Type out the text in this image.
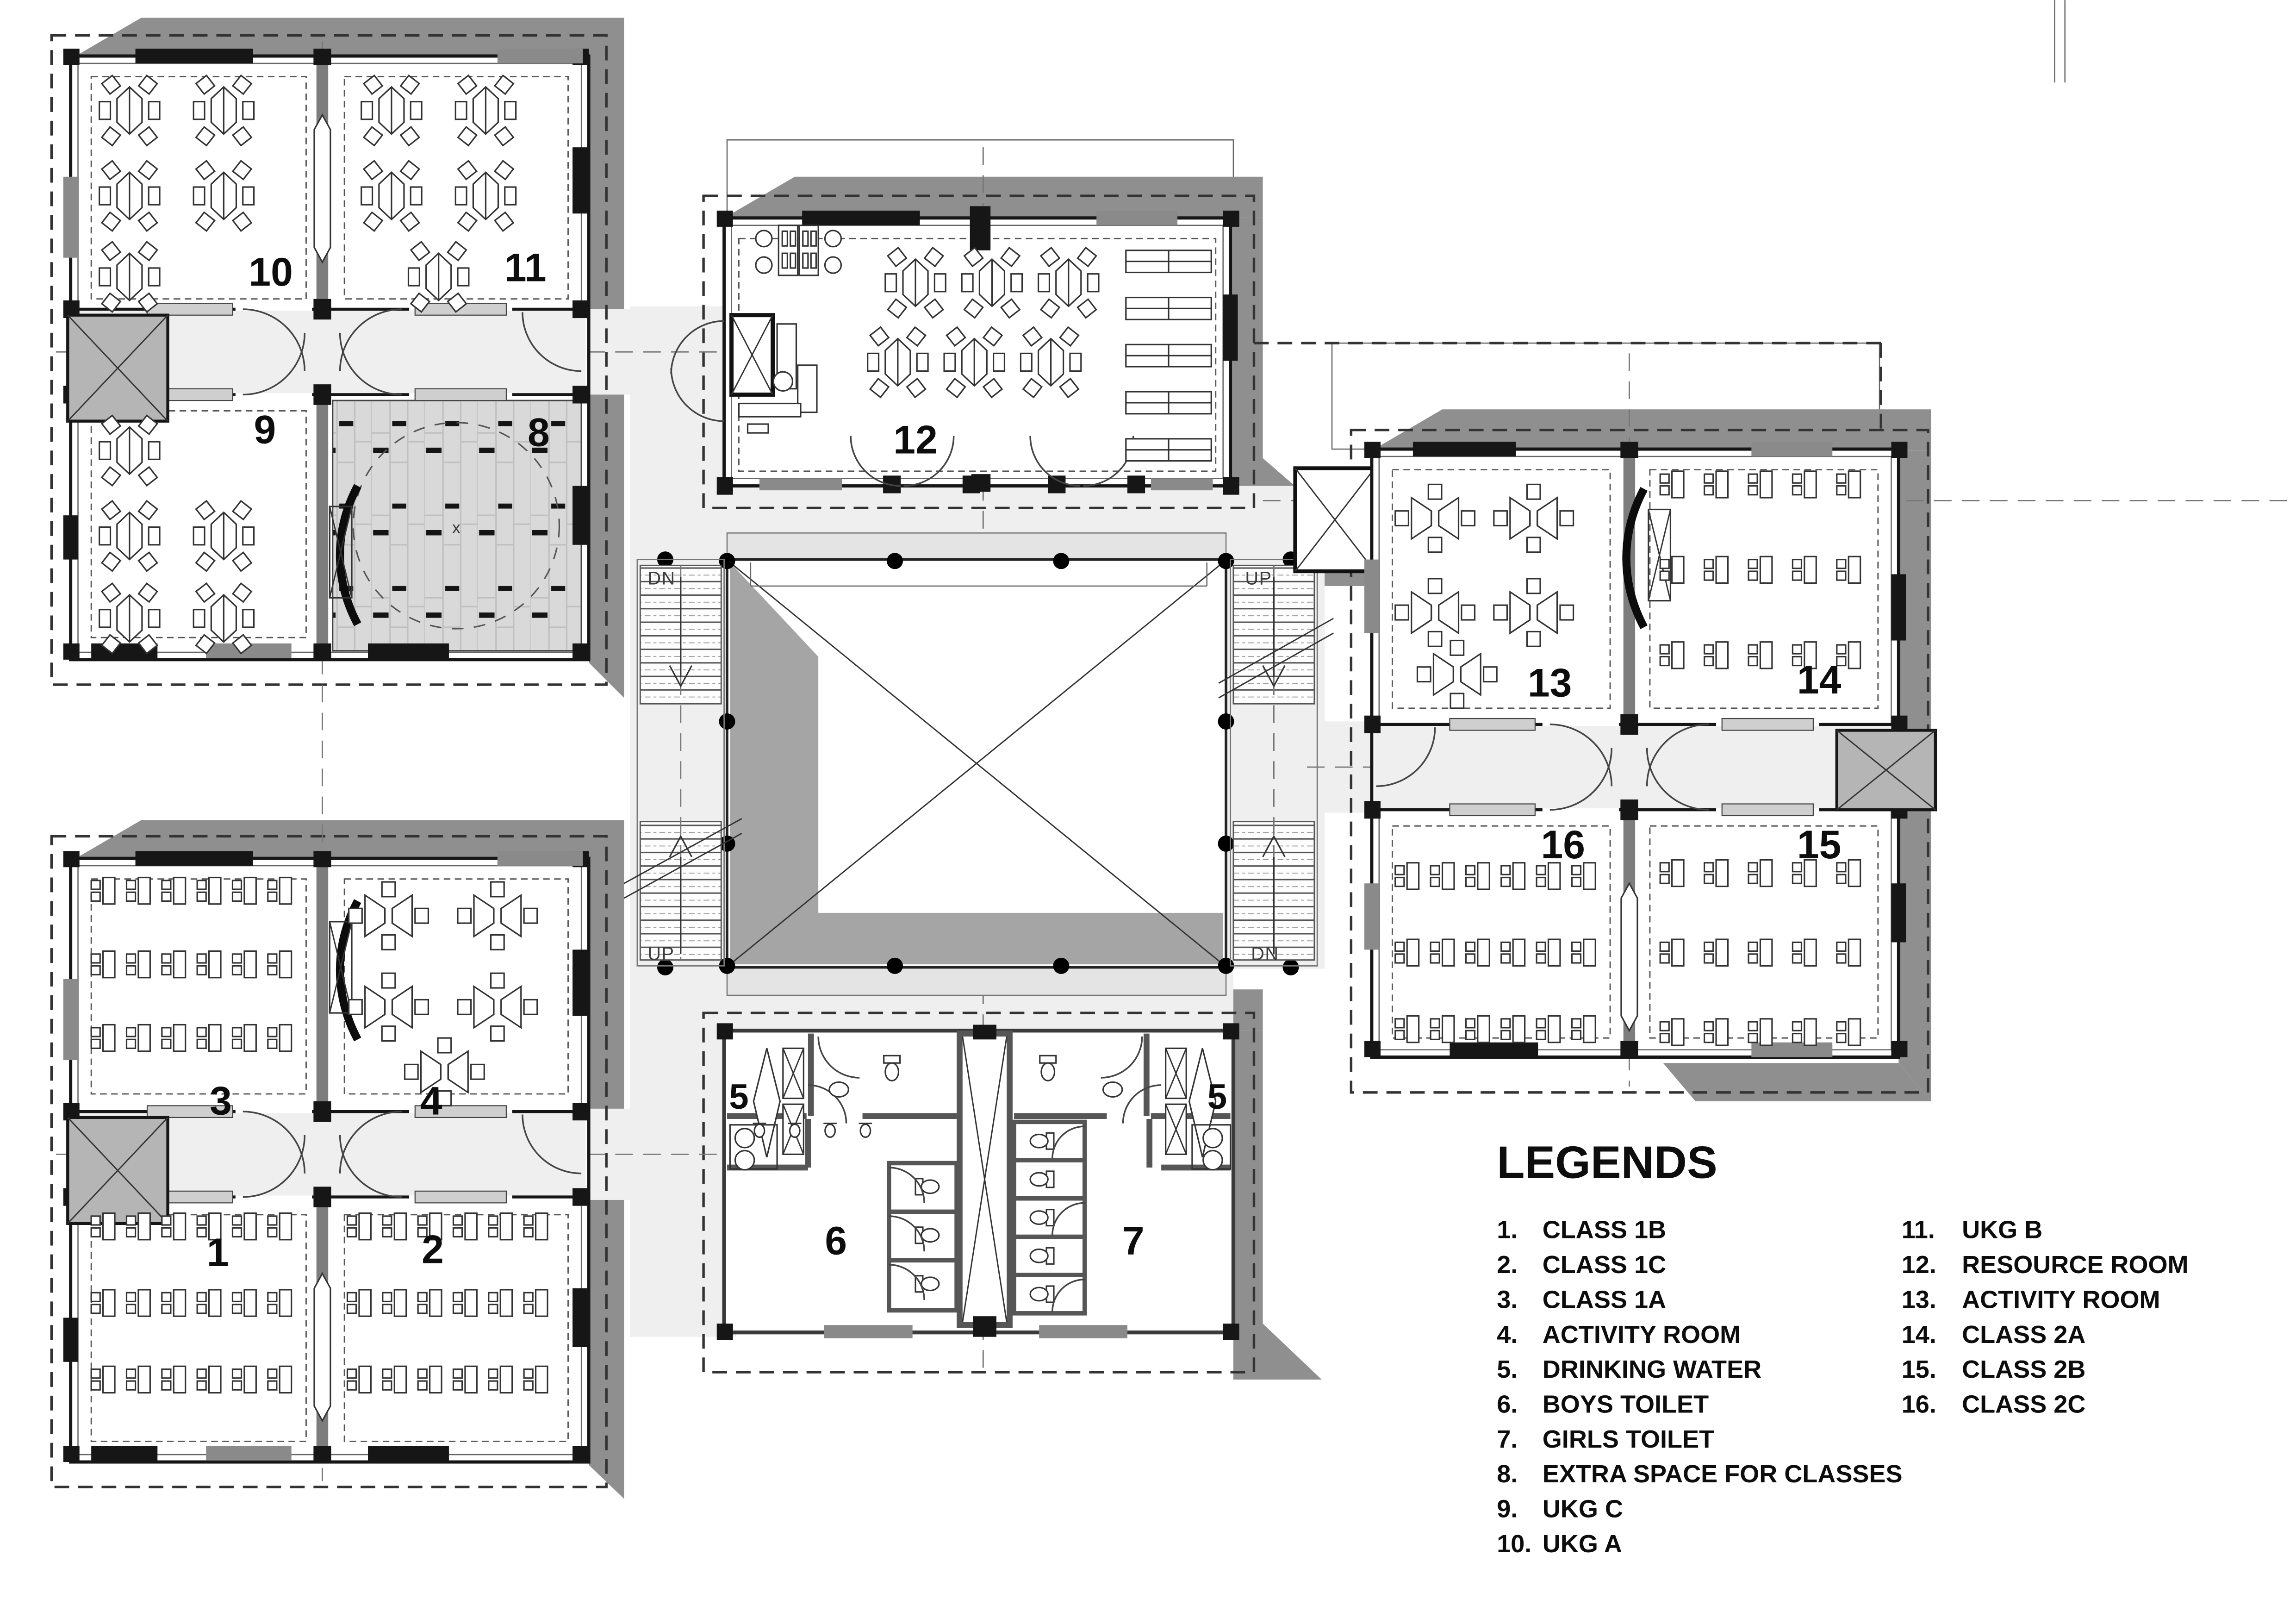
DN
UP
UP
DN
x
10	11
9	8
3	4
1	2
12
5	5
6	7
13	14
16	15
LEGENDS
1.	CLASS 1B
2.	CLASS 1C
3.	CLASS 1A
4.	ACTIVITY ROOM
5.	DRINKING WATER
6.	BOYS TOILET
7.	GIRLS TOILET
8.	EXTRA SPACE FOR CLASSES
9.	UKG C
10. UKG A
11.	UKG B
12.	RESOURCE ROOM
13.	ACTIVITY ROOM
14.	CLASS 2A
15.	CLASS 2B
16.	CLASS 2C
